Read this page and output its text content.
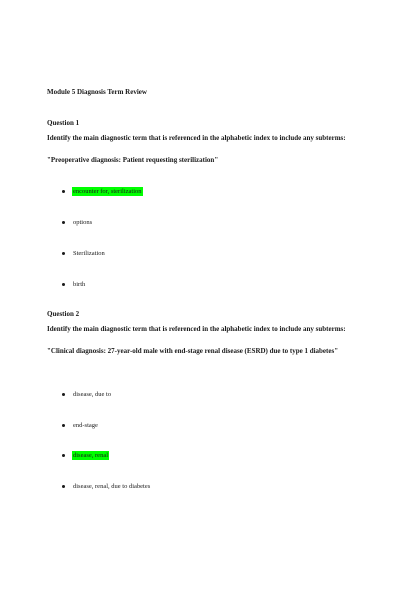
Module 5 Diagnosis Term Review
Question 1
Identify the main diagnostic term that is referenced in the alphabetic index to include any subterms:
"Preoperative diagnosis: Patient requesting sterilization"
encounter for, sterilization
options
Sterilization
birth
Question 2
Identify the main diagnostic term that is referenced in the alphabetic index to include any subterms:
"Clinical diagnosis: 27-year-old male with end-stage renal disease (ESRD) due to type 1 diabetes"
disease, due to
end-stage
disease, renal
disease, renal, due to diabetes
